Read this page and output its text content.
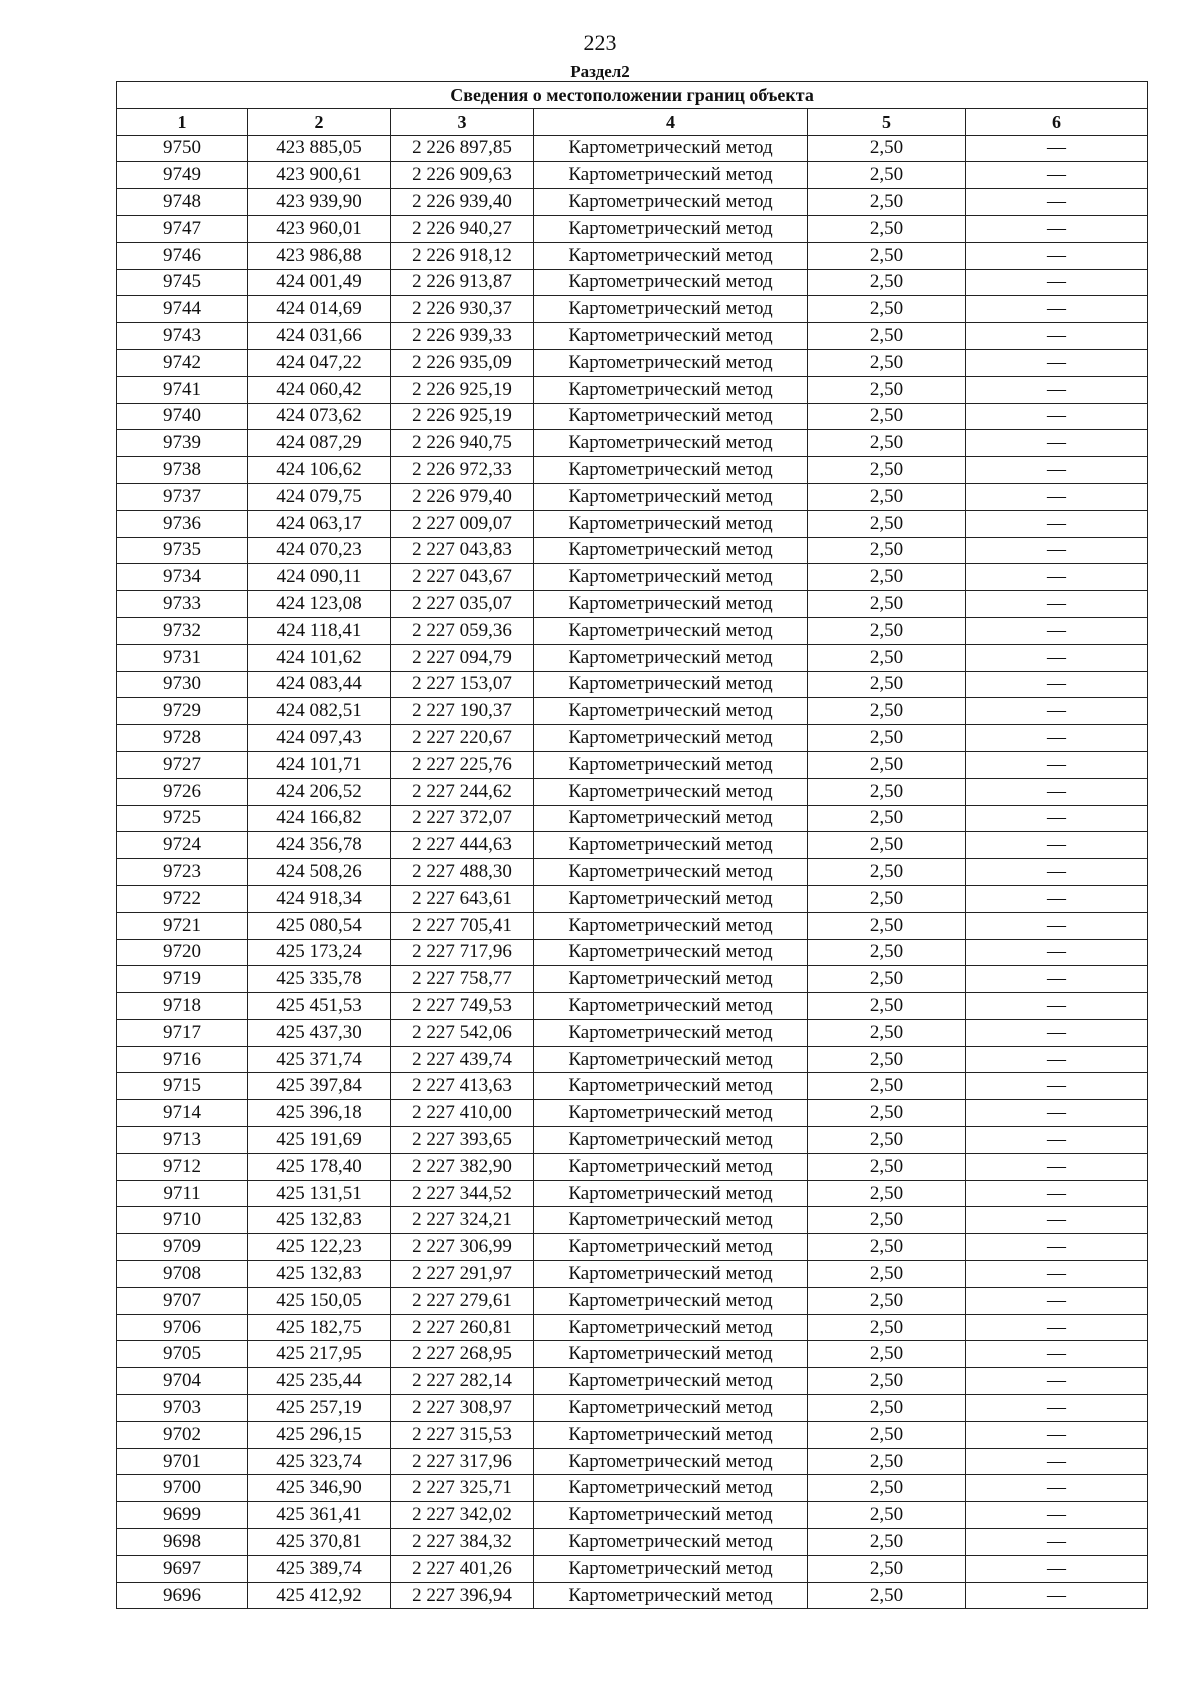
223
Раздел2
Сведения о местоположении границ объекта					
1	2	3	4	5	6
9750	423 885,05	2 226 897,85	Картометрический метод	2,50	—
9749	423 900,61	2 226 909,63	Картометрический метод	2,50	—
9748	423 939,90	2 226 939,40	Картометрический метод	2,50	—
9747	423 960,01	2 226 940,27	Картометрический метод	2,50	—
9746	423 986,88	2 226 918,12	Картометрический метод	2,50	—
9745	424 001,49	2 226 913,87	Картометрический метод	2,50	—
9744	424 014,69	2 226 930,37	Картометрический метод	2,50	—
9743	424 031,66	2 226 939,33	Картометрический метод	2,50	—
9742	424 047,22	2 226 935,09	Картометрический метод	2,50	—
9741	424 060,42	2 226 925,19	Картометрический метод	2,50	—
9740	424 073,62	2 226 925,19	Картометрический метод	2,50	—
9739	424 087,29	2 226 940,75	Картометрический метод	2,50	—
9738	424 106,62	2 226 972,33	Картометрический метод	2,50	—
9737	424 079,75	2 226 979,40	Картометрический метод	2,50	—
9736	424 063,17	2 227 009,07	Картометрический метод	2,50	—
9735	424 070,23	2 227 043,83	Картометрический метод	2,50	—
9734	424 090,11	2 227 043,67	Картометрический метод	2,50	—
9733	424 123,08	2 227 035,07	Картометрический метод	2,50	—
9732	424 118,41	2 227 059,36	Картометрический метод	2,50	—
9731	424 101,62	2 227 094,79	Картометрический метод	2,50	—
9730	424 083,44	2 227 153,07	Картометрический метод	2,50	—
9729	424 082,51	2 227 190,37	Картометрический метод	2,50	—
9728	424 097,43	2 227 220,67	Картометрический метод	2,50	—
9727	424 101,71	2 227 225,76	Картометрический метод	2,50	—
9726	424 206,52	2 227 244,62	Картометрический метод	2,50	—
9725	424 166,82	2 227 372,07	Картометрический метод	2,50	—
9724	424 356,78	2 227 444,63	Картометрический метод	2,50	—
9723	424 508,26	2 227 488,30	Картометрический метод	2,50	—
9722	424 918,34	2 227 643,61	Картометрический метод	2,50	—
9721	425 080,54	2 227 705,41	Картометрический метод	2,50	—
9720	425 173,24	2 227 717,96	Картометрический метод	2,50	—
9719	425 335,78	2 227 758,77	Картометрический метод	2,50	—
9718	425 451,53	2 227 749,53	Картометрический метод	2,50	—
9717	425 437,30	2 227 542,06	Картометрический метод	2,50	—
9716	425 371,74	2 227 439,74	Картометрический метод	2,50	—
9715	425 397,84	2 227 413,63	Картометрический метод	2,50	—
9714	425 396,18	2 227 410,00	Картометрический метод	2,50	—
9713	425 191,69	2 227 393,65	Картометрический метод	2,50	—
9712	425 178,40	2 227 382,90	Картометрический метод	2,50	—
9711	425 131,51	2 227 344,52	Картометрический метод	2,50	—
9710	425 132,83	2 227 324,21	Картометрический метод	2,50	—
9709	425 122,23	2 227 306,99	Картометрический метод	2,50	—
9708	425 132,83	2 227 291,97	Картометрический метод	2,50	—
9707	425 150,05	2 227 279,61	Картометрический метод	2,50	—
9706	425 182,75	2 227 260,81	Картометрический метод	2,50	—
9705	425 217,95	2 227 268,95	Картометрический метод	2,50	—
9704	425 235,44	2 227 282,14	Картометрический метод	2,50	—
9703	425 257,19	2 227 308,97	Картометрический метод	2,50	—
9702	425 296,15	2 227 315,53	Картометрический метод	2,50	—
9701	425 323,74	2 227 317,96	Картометрический метод	2,50	—
9700	425 346,90	2 227 325,71	Картометрический метод	2,50	—
9699	425 361,41	2 227 342,02	Картометрический метод	2,50	—
9698	425 370,81	2 227 384,32	Картометрический метод	2,50	—
9697	425 389,74	2 227 401,26	Картометрический метод	2,50	—
9696	425 412,92	2 227 396,94	Картометрический метод	2,50	—
